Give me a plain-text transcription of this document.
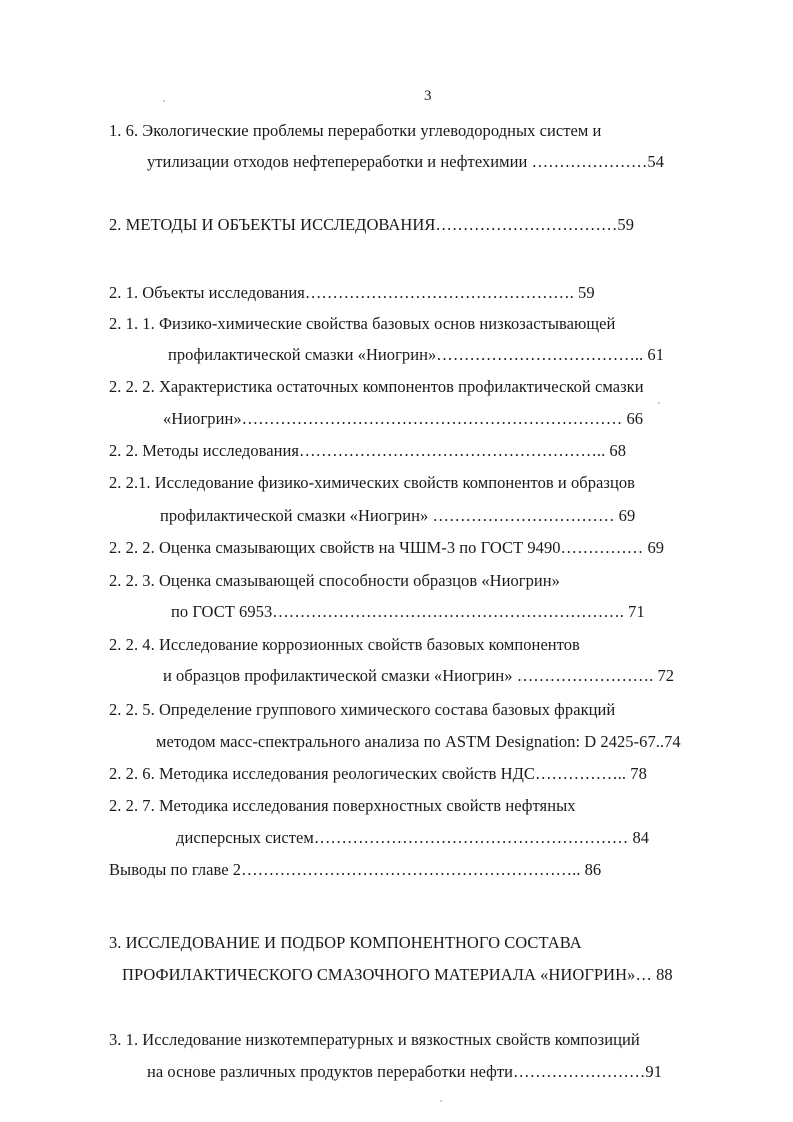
3
1. 6. Экологические проблемы переработки углеводородных систем и
утилизации отходов нефтепереработки и нефтехимии …………………54
2. МЕТОДЫ И ОБЪЕКТЫ ИССЛЕДОВАНИЯ……………………………59
2. 1. Объекты исследования…………………………………………. 59
2. 1. 1. Физико-химические свойства базовых основ низкозастывающей
профилактической смазки «Ниогрин»……………………………….. 61
2. 2. 2. Характеристика остаточных компонентов профилактической смазки
«Ниогрин»…………………………………………………………… 66
2. 2. Методы исследования……………………………………………….. 68
2. 2.1. Исследование физико-химических свойств компонентов и образцов
профилактической смазки «Ниогрин» …………………………… 69
2. 2. 2. Оценка смазывающих свойств на ЧШМ-3 по ГОСТ 9490…………… 69
2. 2. 3. Оценка смазывающей способности образцов «Ниогрин»
по ГОСТ 6953………………………………………………………. 71
2. 2. 4. Исследование коррозионных свойств базовых компонентов
и образцов профилактической смазки «Ниогрин» ……………………. 72
2. 2. 5. Определение группового химического состава базовых фракций
методом масс-спектрального анализа по ASTM Designation: D 2425-67..74
2. 2. 6. Методика исследования реологических свойств НДС…………….. 78
2. 2. 7. Методика исследования поверхностных свойств нефтяных
дисперсных систем………………………………………………… 84
Выводы по главе 2…………………………………………………….. 86
3. ИССЛЕДОВАНИЕ И ПОДБОР КОМПОНЕНТНОГО СОСТАВА
ПРОФИЛАКТИЧЕСКОГО СМАЗОЧНОГО МАТЕРИАЛА «НИОГРИН»… 88
3. 1. Исследование низкотемпературных и вязкостных свойств композиций
на основе различных продуктов переработки нефти……………………91
